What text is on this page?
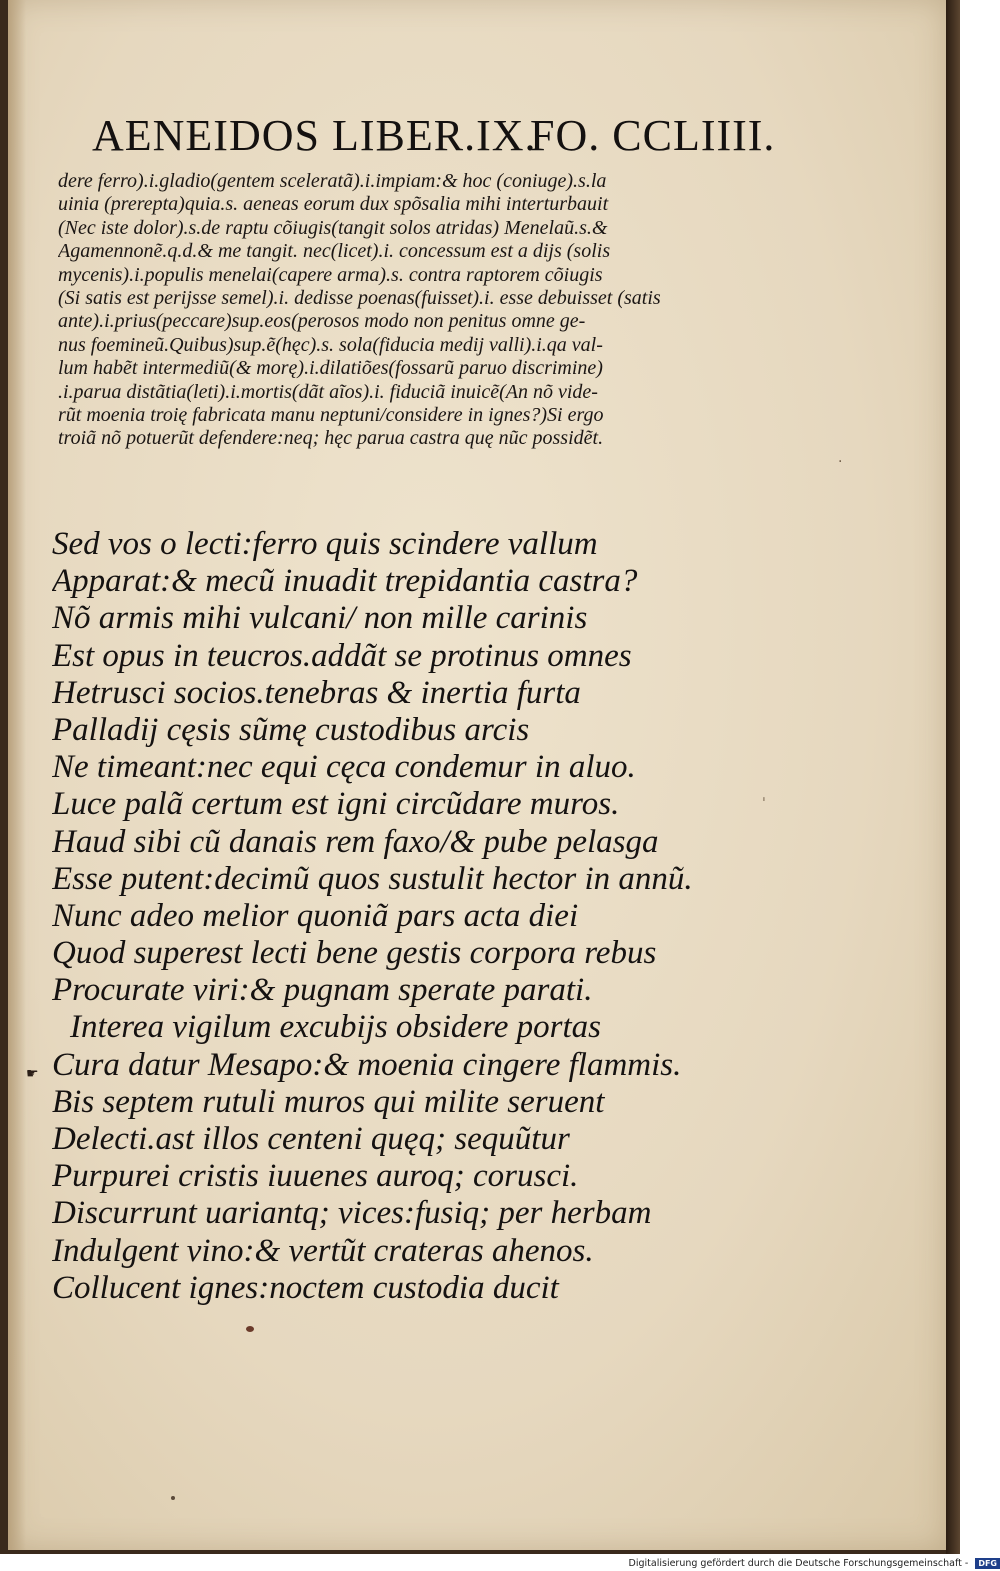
AENEIDOS LIBER.IX.
FO. CCLIIII.
dere ferro).i.gladio(gentem sceleratã).i.impiam:& hoc (coniuge).s.la
uinia (prerepta)quia.s. aeneas eorum dux spõsalia mihi interturbauit
(Nec iste dolor).s.de raptu cõiugis(tangit solos atridas) Menelaũ.s.&
Agamennonẽ.q.d.& me tangit. nec(licet).i. concessum est a dijs (solis
mycenis).i.populis menelai(capere arma).s. contra raptorem cõiugis
(Si satis est perijsse semel).i. dedisse poenas(fuisset).i. esse debuisset (satis
ante).i.prius(peccare)sup.eos(perosos modo non penitus omne ge-
nus foemineũ.Quibus)sup.ẽ(hęc).s. sola(fiducia medij valli).i.qa val-
lum habẽt intermediũ(& morę).i.dilatiões(fossarũ paruo discrimine)
.i.parua distãtia(leti).i.mortis(dãt aĩos).i. fiduciã inuicẽ(An nõ vide-
rũt moenia troię fabricata manu neptuni/considere in ignes?)Si ergo
troiã nõ potuerũt defendere:neq; hęc parua castra quę nũc possidẽt.
Sed vos o lecti:ferro quis scindere vallum
Apparat:& mecũ inuadit trepidantia castra?
Nõ armis mihi vulcani/ non mille carinis
Est opus in teucros.addãt se protinus omnes
Hetrusci socios.tenebras & inertia furta
Palladij cęsis sũmę custodibus arcis
Ne timeant:nec equi cęca condemur in aluo.
Luce palã certum est igni circũdare muros.
Haud sibi cũ danais rem faxo/& pube pelasga
Esse putent:decimũ quos sustulit hector in annũ.
Nunc adeo melior quoniã pars acta diei
Quod superest lecti bene gestis corpora rebus
Procurate viri:& pugnam sperate parati.
Interea vigilum excubijs obsidere portas
Cura datur Mesapo:& moenia cingere flammis.
Bis septem rutuli muros qui milite seruent
Delecti.ast illos centeni quęq; sequũtur
Purpurei cristis iuuenes auroq; corusci.
Discurrunt uariantq; vices:fusiq; per herbam
Indulgent vino:& vertũt crateras ahenos.
Collucent ignes:noctem custodia ducit
☛
ˈ
·
Digitalisierung gefördert durch die Deutsche Forschungsgemeinschaft - DFG
